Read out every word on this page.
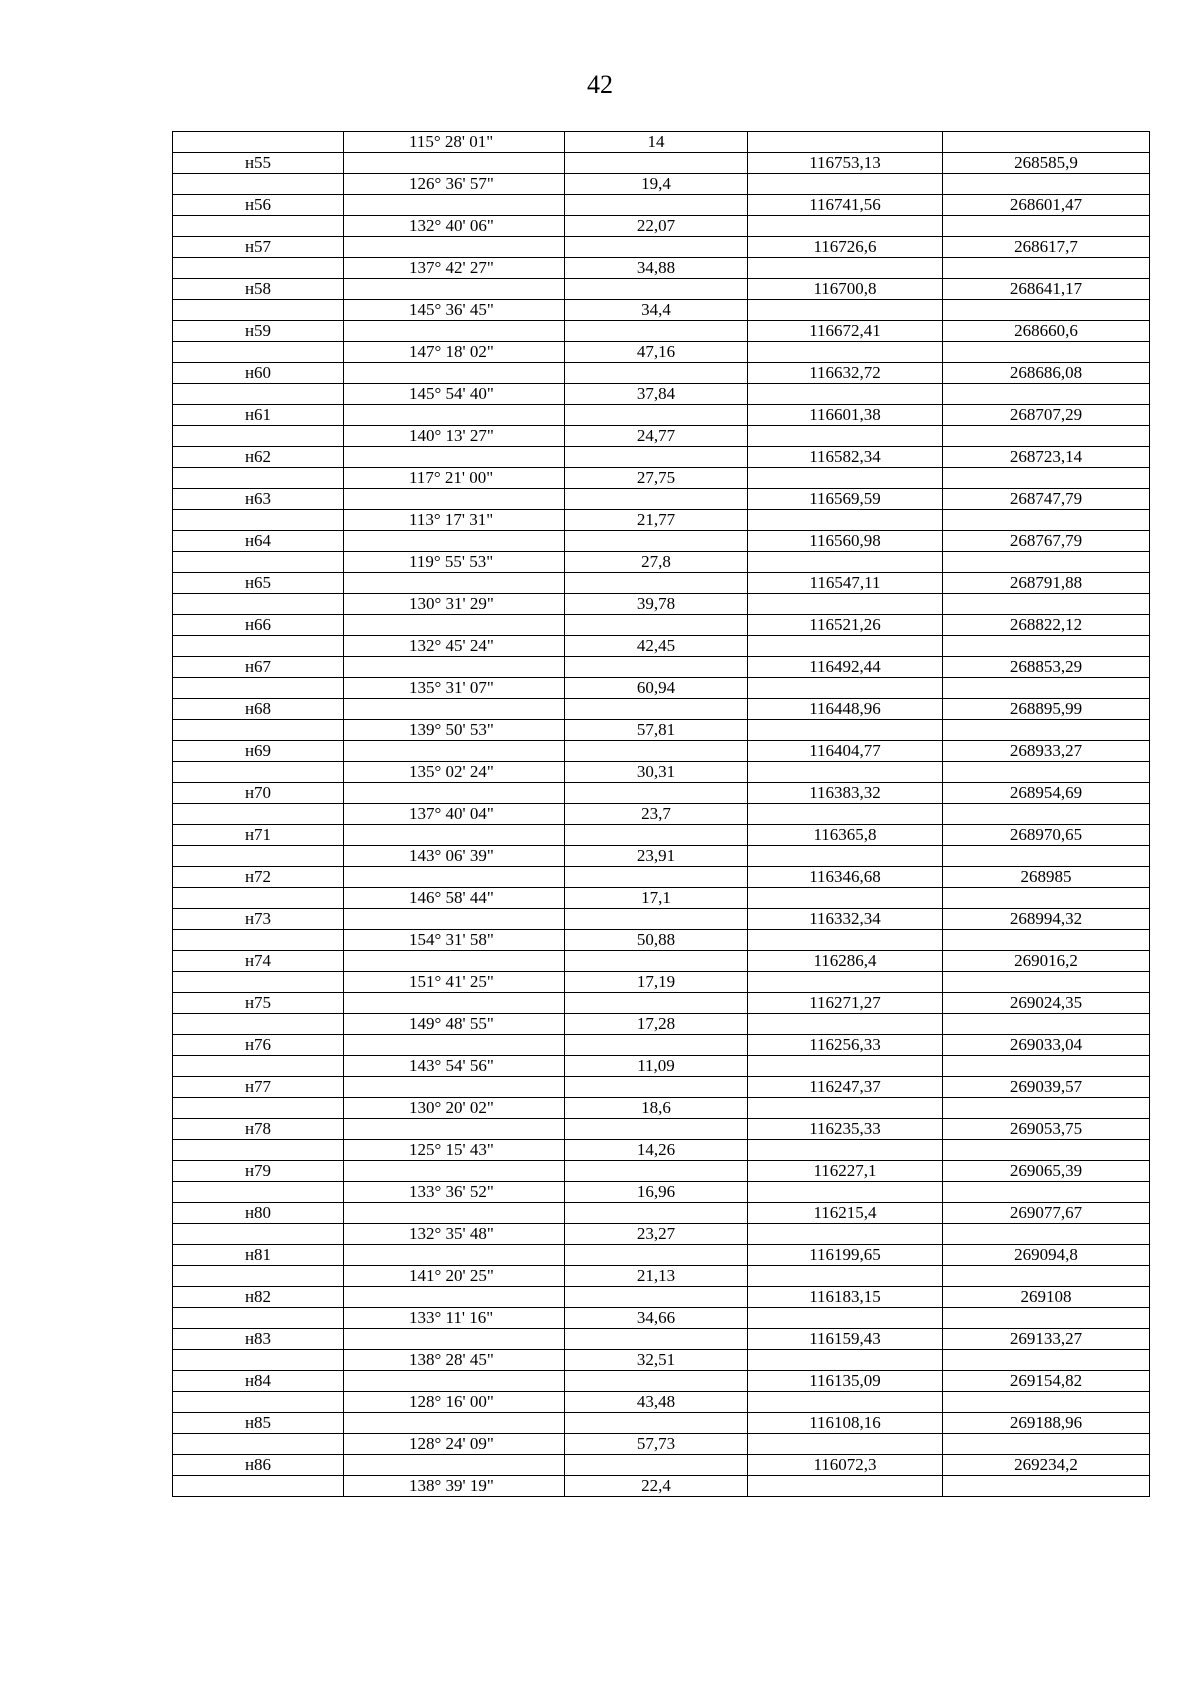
42
	115° 28' 01"	14		
н55			116753,13	268585,9
	126° 36' 57"	19,4		
н56			116741,56	268601,47
	132° 40' 06"	22,07		
н57			116726,6	268617,7
	137° 42' 27"	34,88		
н58			116700,8	268641,17
	145° 36' 45"	34,4		
н59			116672,41	268660,6
	147° 18' 02"	47,16		
н60			116632,72	268686,08
	145° 54' 40"	37,84		
н61			116601,38	268707,29
	140° 13' 27"	24,77		
н62			116582,34	268723,14
	117° 21' 00"	27,75		
н63			116569,59	268747,79
	113° 17' 31"	21,77		
н64			116560,98	268767,79
	119° 55' 53"	27,8		
н65			116547,11	268791,88
	130° 31' 29"	39,78		
н66			116521,26	268822,12
	132° 45' 24"	42,45		
н67			116492,44	268853,29
	135° 31' 07"	60,94		
н68			116448,96	268895,99
	139° 50' 53"	57,81		
н69			116404,77	268933,27
	135° 02' 24"	30,31		
н70			116383,32	268954,69
	137° 40' 04"	23,7		
н71			116365,8	268970,65
	143° 06' 39"	23,91		
н72			116346,68	268985
	146° 58' 44"	17,1		
н73			116332,34	268994,32
	154° 31' 58"	50,88		
н74			116286,4	269016,2
	151° 41' 25"	17,19		
н75			116271,27	269024,35
	149° 48' 55"	17,28		
н76			116256,33	269033,04
	143° 54' 56"	11,09		
н77			116247,37	269039,57
	130° 20' 02"	18,6		
н78			116235,33	269053,75
	125° 15' 43"	14,26		
н79			116227,1	269065,39
	133° 36' 52"	16,96		
н80			116215,4	269077,67
	132° 35' 48"	23,27		
н81			116199,65	269094,8
	141° 20' 25"	21,13		
н82			116183,15	269108
	133° 11' 16"	34,66		
н83			116159,43	269133,27
	138° 28' 45"	32,51		
н84			116135,09	269154,82
	128° 16' 00"	43,48		
н85			116108,16	269188,96
	128° 24' 09"	57,73		
н86			116072,3	269234,2
	138° 39' 19"	22,4		
